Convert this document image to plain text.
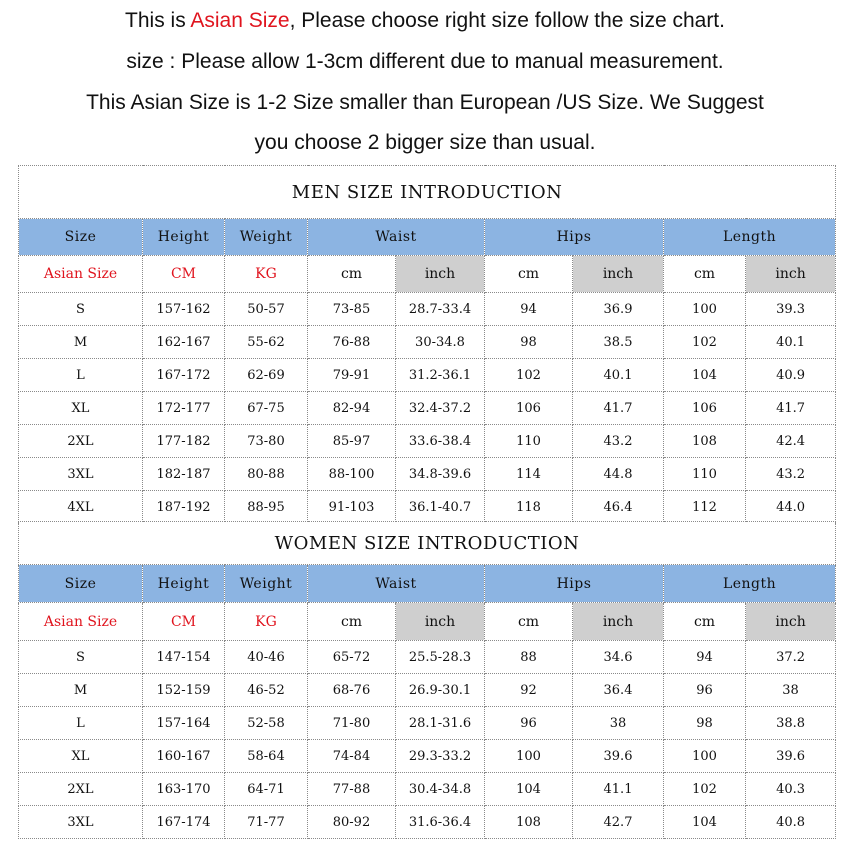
This is Asian Size, Please choose right size follow the size chart.
size : Please allow 1-3cm different due to manual measurement.
This Asian Size is 1-2 Size smaller than European /US Size. We Suggest
you choose 2 bigger size than usual.
MEN SIZE INTRODUCTION								
Size	Height	Weight	Waist		Hips		Length	
Asian Size	CM	KG	cm	inch	cm	inch	cm	inch
S	157-162	50-57	73-85	28.7-33.4	94	36.9	100	39.3
M	162-167	55-62	76-88	30-34.8	98	38.5	102	40.1
L	167-172	62-69	79-91	31.2-36.1	102	40.1	104	40.9
XL	172-177	67-75	82-94	32.4-37.2	106	41.7	106	41.7
2XL	177-182	73-80	85-97	33.6-38.4	110	43.2	108	42.4
3XL	182-187	80-88	88-100	34.8-39.6	114	44.8	110	43.2
4XL	187-192	88-95	91-103	36.1-40.7	118	46.4	112	44.0
WOMEN SIZE INTRODUCTION								
Size	Height	Weight	Waist		Hips		Length	
Asian Size	CM	KG	cm	inch	cm	inch	cm	inch
S	147-154	40-46	65-72	25.5-28.3	88	34.6	94	37.2
M	152-159	46-52	68-76	26.9-30.1	92	36.4	96	38
L	157-164	52-58	71-80	28.1-31.6	96	38	98	38.8
XL	160-167	58-64	74-84	29.3-33.2	100	39.6	100	39.6
2XL	163-170	64-71	77-88	30.4-34.8	104	41.1	102	40.3
3XL	167-174	71-77	80-92	31.6-36.4	108	42.7	104	40.8
